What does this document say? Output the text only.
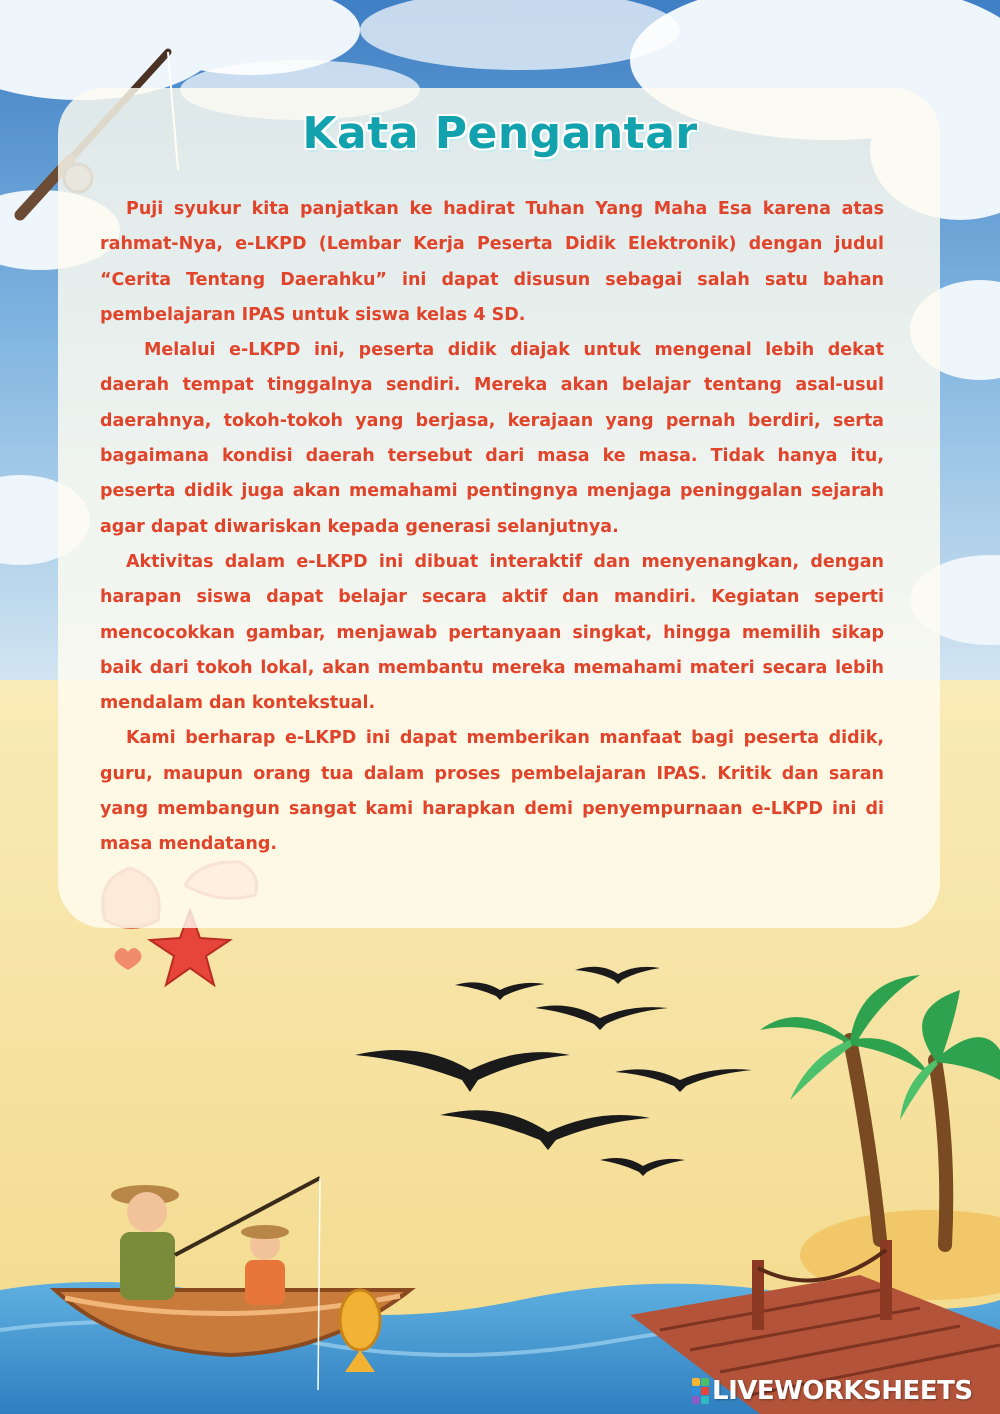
Kata Pengantar

Puji syukur kita panjatkan ke hadirat Tuhan Yang Maha Esa karena atas rahmat-Nya, e-LKPD (Lembar Kerja Peserta Didik Elektronik) dengan judul “Cerita Tentang Daerahku” ini dapat disusun sebagai salah satu bahan pembelajaran IPAS untuk siswa kelas 4 SD.

Melalui e-LKPD ini, peserta didik diajak untuk mengenal lebih dekat daerah tempat tinggalnya sendiri. Mereka akan belajar tentang asal-usul daerahnya, tokoh-tokoh yang berjasa, kerajaan yang pernah berdiri, serta bagaimana kondisi daerah tersebut dari masa ke masa. Tidak hanya itu, peserta didik juga akan memahami pentingnya menjaga peninggalan sejarah agar dapat diwariskan kepada generasi selanjutnya.

Aktivitas dalam e-LKPD ini dibuat interaktif dan menyenangkan, dengan harapan siswa dapat belajar secara aktif dan mandiri. Kegiatan seperti mencocokkan gambar, menjawab pertanyaan singkat, hingga memilih sikap baik dari tokoh lokal, akan membantu mereka memahami materi secara lebih mendalam dan kontekstual.

Kami berharap e-LKPD ini dapat memberikan manfaat bagi peserta didik, guru, maupun orang tua dalam proses pembelajaran IPAS. Kritik dan saran yang membangun sangat kami harapkan demi penyempurnaan e-LKPD ini di masa mendatang.

LIVEWORKSHEETS
